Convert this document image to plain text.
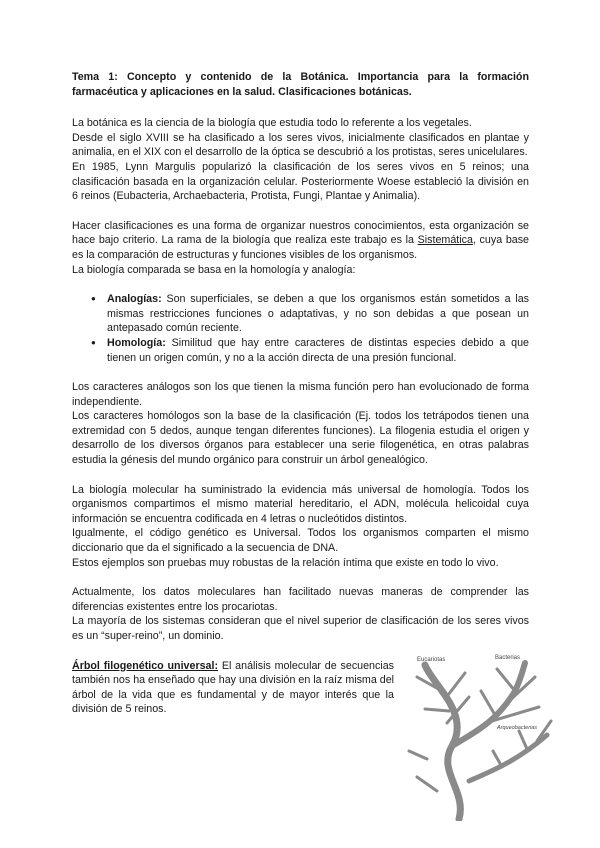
Tema 1: Concepto y contenido de la Botánica. Importancia para la formación farmacéutica y aplicaciones en la salud. Clasificaciones botánicas.

La botánica es la ciencia de la biología que estudia todo lo referente a los vegetales.

Desde el siglo XVIII se ha clasificado a los seres vivos, inicialmente clasificados en plantae y animalia, en el XIX con el desarrollo de la óptica se descubrió a los protistas, seres unicelulares.

En 1985, Lynn Margulis popularizó la clasificación de los seres vivos en 5 reinos; una clasificación basada en la organización celular. Posteriormente Woese estableció la división en 6 reinos (Eubacteria, Archaebacteria, Protista, Fungi, Plantae y Animalia).

Hacer clasificaciones es una forma de organizar nuestros conocimientos, esta organización se hace bajo criterio. La rama de la biología que realiza este trabajo es la Sistemática, cuya base es la comparación de estructuras y funciones visibles de los organismos.

La biología comparada se basa en la homología y analogía:

● Analogías: Son superficiales, se deben a que los organismos están sometidos a las mismas restricciones funciones o adaptativas, y no son debidas a que posean un antepasado común reciente.
● Homología: Similitud que hay entre caracteres de distintas especies debido a que tienen un origen común, y no a la acción directa de una presión funcional.

Los caracteres análogos son los que tienen la misma función pero han evolucionado de forma independiente.

Los caracteres homólogos son la base de la clasificación (Ej. todos los tetrápodos tienen una extremidad con 5 dedos, aunque tengan diferentes funciones). La filogenia estudia el origen y desarrollo de los diversos órganos para establecer una serie filogenética, en otras palabras estudia la génesis del mundo orgánico para construir un árbol genealógico.

La biología molecular ha suministrado la evidencia más universal de homología. Todos los organismos compartimos el mismo material hereditario, el ADN, molécula helicoidal cuya información se encuentra codificada en 4 letras o nucleótidos distintos.

Igualmente, el código genético es Universal. Todos los organismos comparten el mismo diccionario que da el significado a la secuencia de DNA.

Estos ejemplos son pruebas muy robustas de la relación íntima que existe en todo lo vivo.

Actualmente, los datos moleculares han facilitado nuevas maneras de comprender las diferencias existentes entre los procariotas.

La mayoría de los sistemas consideran que el nivel superior de clasificación de los seres vivos es un “super-reino”, un dominio.

Árbol filogenético universal: El análisis molecular de secuencias también nos ha enseñado que hay una división en la raíz misma del árbol de la vida que es fundamental y de mayor interés que la división de 5 reinos.

Eucariotas	Bacterias
Arqueobacterias
